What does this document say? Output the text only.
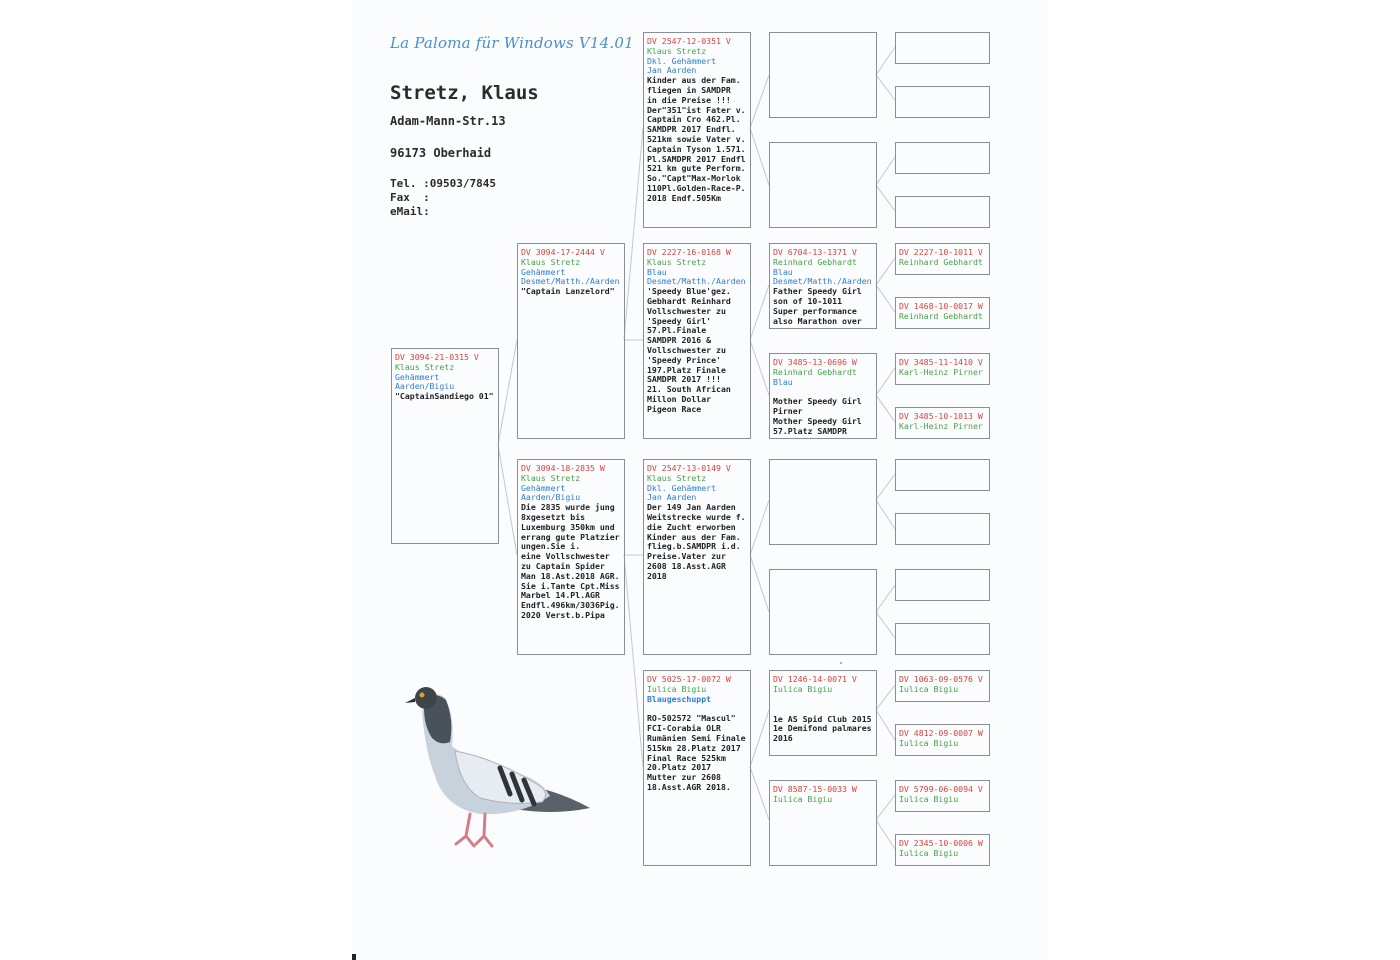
La Paloma für Windows V14.01
Stretz, Klaus
Adam-Mann-Str.13
96173 Oberhaid
Tel. :09503/7845
Fax  :
eMail:
DV 3094-21-0315 V
Klaus Stretz
Gehämmert
Aarden/Bigiu
"CaptainSandiego 01"
DV 3094-17-2444 V
Klaus Stretz
Gehämmert
Desmet/Matth./Aarden
"Captain Lanzelord"
DV 3094-18-2835 W
Klaus Stretz
Gehämmert
Aarden/Bigiu
Die 2835 wurde jung
8xgesetzt bis
Luxemburg 350km und
errang gute Platzier
ungen.Sie i.
eine Vollschwester
zu Captain Spider
Man 18.Ast.2018 AGR.
Sie i.Tante Cpt.Miss
Marbel 14.Pl.AGR
Endfl.496km/3036Pig.
2020 Verst.b.Pipa
DV 2547-12-0351 V
Klaus Stretz
Dkl. Gehämmert
Jan Aarden
Kinder aus der Fam.
fliegen in SAMDPR
in die Preise !!!
Der"351"ist Fater v.
Captain Cro 462.Pl.
SAMDPR 2017 Endfl.
521km sowie Vater v.
Captain Tyson 1.571.
Pl.SAMDPR 2017 Endfl
521 km gute Perform.
So."Capt"Max-Morlok
110Pl.Golden-Race-P.
2018 Endf.505Km
DV 2227-16-0168 W
Klaus Stretz
Blau
Desmet/Matth./Aarden
'Speedy Blue'gez.
Gebhardt Reinhard
Vollschwester zu
'Speedy Girl'
57.Pl.Finale
SAMDPR 2016 &
Vollschwester zu
'Speedy Prince'
197.Platz Finale
SAMDPR 2017 !!!
21. South African
Millon Dollar
Pigeon Race
DV 2547-13-0149 V
Klaus Stretz
Dkl. Gehämmert
Jan Aarden
Der 149 Jan Aarden
Weitstrecke wurde f.
die Zucht erworben
Kinder aus der Fam.
flieg.b.SAMDPR i.d.
Preise.Vater zur
2608 18.Asst.AGR
2018
DV 5025-17-0072 W
Iulica Bigiu
Blaugeschuppt
RO-502572 "Mascul"
FCI-Corabia OLR
Rumänien Semi Finale
515km 28.Platz 2017
Final Race 525km
20.Platz 2017
Mutter zur 2608
18.Asst.AGR 2018.
DV 6704-13-1371 V
Reinhard Gebhardt
Blau
Desmet/Matth./Aarden
Father Speedy Girl
son of 10-1011
Super performance
also Marathon over
DV 3485-13-0696 W
Reinhard Gebhardt
Blau
Mother Speedy Girl
Pirner
Mother Speedy Girl
57.Platz SAMDPR
DV 1246-14-0071 V
Iulica Bigiu
1e AS Spid Club 2015
1e Demifond palmares
2016
DV 8587-15-0033 W
Iulica Bigiu
DV 2227-10-1011 V
Reinhard Gebhardt
DV 1468-10-0017 W
Reinhard Gebhardt
DV 3485-11-1410 V
Karl-Heinz Pirner
DV 3485-10-1013 W
Karl-Heinz Pirner
DV 1063-09-0576 V
Iulica Bigiu
DV 4812-09-0007 W
Iulica Bigiu
DV 5799-06-0094 V
Iulica Bigiu
DV 2345-10-0006 W
Iulica Bigiu
